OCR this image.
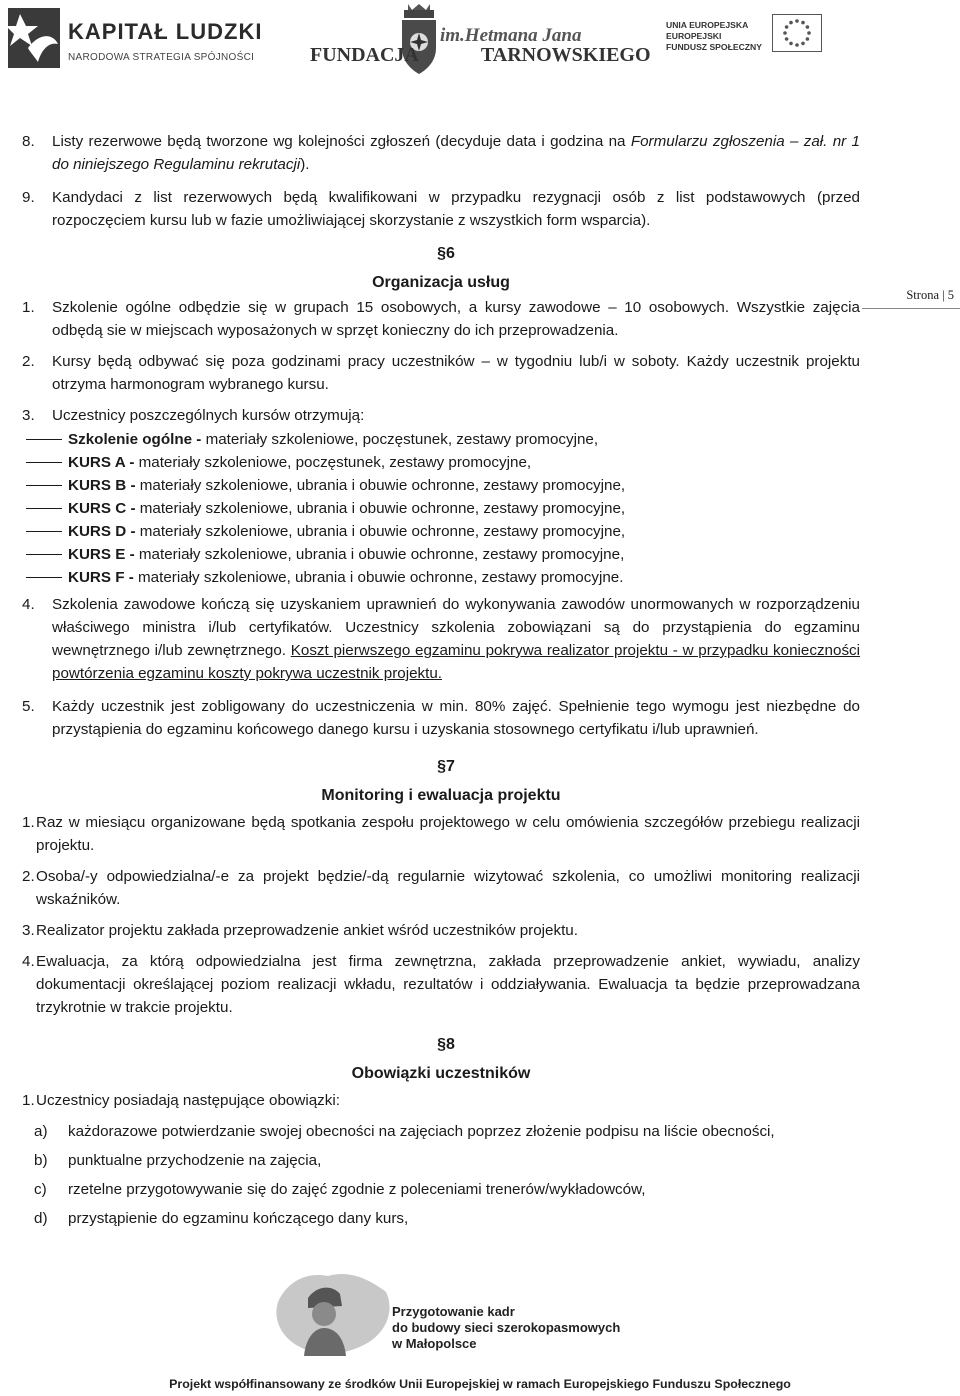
KAPITAŁ LUDZKI
NARODOWA STRATEGIA SPÓJNOŚCI
im.Hetmana Jana
FUNDACJA	TARNOWSKIEGO
UNIA EUROPEJSKA
EUROPEJSKI
FUNDUSZ SPOŁECZNY
Strona | 5
8. Listy rezerwowe będą tworzone wg kolejności zgłoszeń (decyduje data i godzina na Formularzu zgłoszenia – zał. nr 1 do niniejszego Regulaminu rekrutacji).

9. Kandydaci z list rezerwowych będą kwalifikowani w przypadku rezygnacji osób z list podstawowych (przed rozpoczęciem kursu lub w fazie umożliwiającej skorzystanie z wszystkich form wsparcia).

§6
Organizacja usług
1. Szkolenie ogólne odbędzie się w grupach 15 osobowych, a kursy zawodowe – 10 osobowych. Wszystkie zajęcia odbędą sie w miejscach wyposażonych w sprzęt konieczny do ich przeprowadzenia.

2. Kursy będą odbywać się poza godzinami pracy uczestników – w tygodniu lub/i w soboty. Każdy uczestnik projektu otrzyma harmonogram wybranego kursu.

3. Uczestnicy poszczególnych kursów otrzymują:

Szkolenie ogólne - materiały szkoleniowe, poczęstunek, zestawy promocyjne,
KURS A - materiały szkoleniowe, poczęstunek, zestawy promocyjne,
KURS B - materiały szkoleniowe, ubrania i obuwie ochronne, zestawy promocyjne,
KURS C - materiały szkoleniowe, ubrania i obuwie ochronne, zestawy promocyjne,
KURS D - materiały szkoleniowe, ubrania i obuwie ochronne, zestawy promocyjne,
KURS E - materiały szkoleniowe, ubrania i obuwie ochronne, zestawy promocyjne,
KURS F - materiały szkoleniowe, ubrania i obuwie ochronne, zestawy promocyjne.
4. Szkolenia zawodowe kończą się uzyskaniem uprawnień do wykonywania zawodów unormowanych w rozporządzeniu właściwego ministra i/lub certyfikatów. Uczestnicy szkolenia zobowiązani są do przystąpienia do egzaminu wewnętrznego i/lub zewnętrznego. Koszt pierwszego egzaminu pokrywa realizator projektu - w przypadku konieczności powtórzenia egzaminu koszty pokrywa uczestnik projektu.

5. Każdy uczestnik jest zobligowany do uczestniczenia w min. 80% zajęć. Spełnienie tego wymogu jest niezbędne do przystąpienia do egzaminu końcowego danego kursu i uzyskania stosownego certyfikatu i/lub uprawnień.

§7
Monitoring i ewaluacja projektu
1. Raz w miesiącu organizowane będą spotkania zespołu projektowego w celu omówienia szczegółów przebiegu realizacji projektu.

2. Osoba/-y odpowiedzialna/-e za projekt będzie/-dą regularnie wizytować szkolenia, co umożliwi monitoring realizacji wskaźników.

3. Realizator projektu zakłada przeprowadzenie ankiet wśród uczestników projektu.

4. Ewaluacja, za którą odpowiedzialna jest firma zewnętrzna, zakłada przeprowadzenie ankiet, wywiadu, analizy dokumentacji określającej poziom realizacji wkładu, rezultatów i oddziaływania. Ewaluacja ta będzie przeprowadzana trzykrotnie w trakcie projektu.

§8
Obowiązki uczestników
1. Uczestnicy posiadają następujące obowiązki:

a) każdorazowe potwierdzanie swojej obecności na zajęciach poprzez złożenie podpisu na liście obecności,
b) punktualne przychodzenie na zajęcia,
c) rzetelne przygotowywanie się do zajęć zgodnie z poleceniami trenerów/wykładowców,
d) przystąpienie do egzaminu kończącego dany kurs,
Przygotowanie kadr
do budowy sieci szerokopasmowych
w Małopolsce
Projekt współfinansowany ze środków Unii Europejskiej w ramach Europejskiego Funduszu Społecznego
